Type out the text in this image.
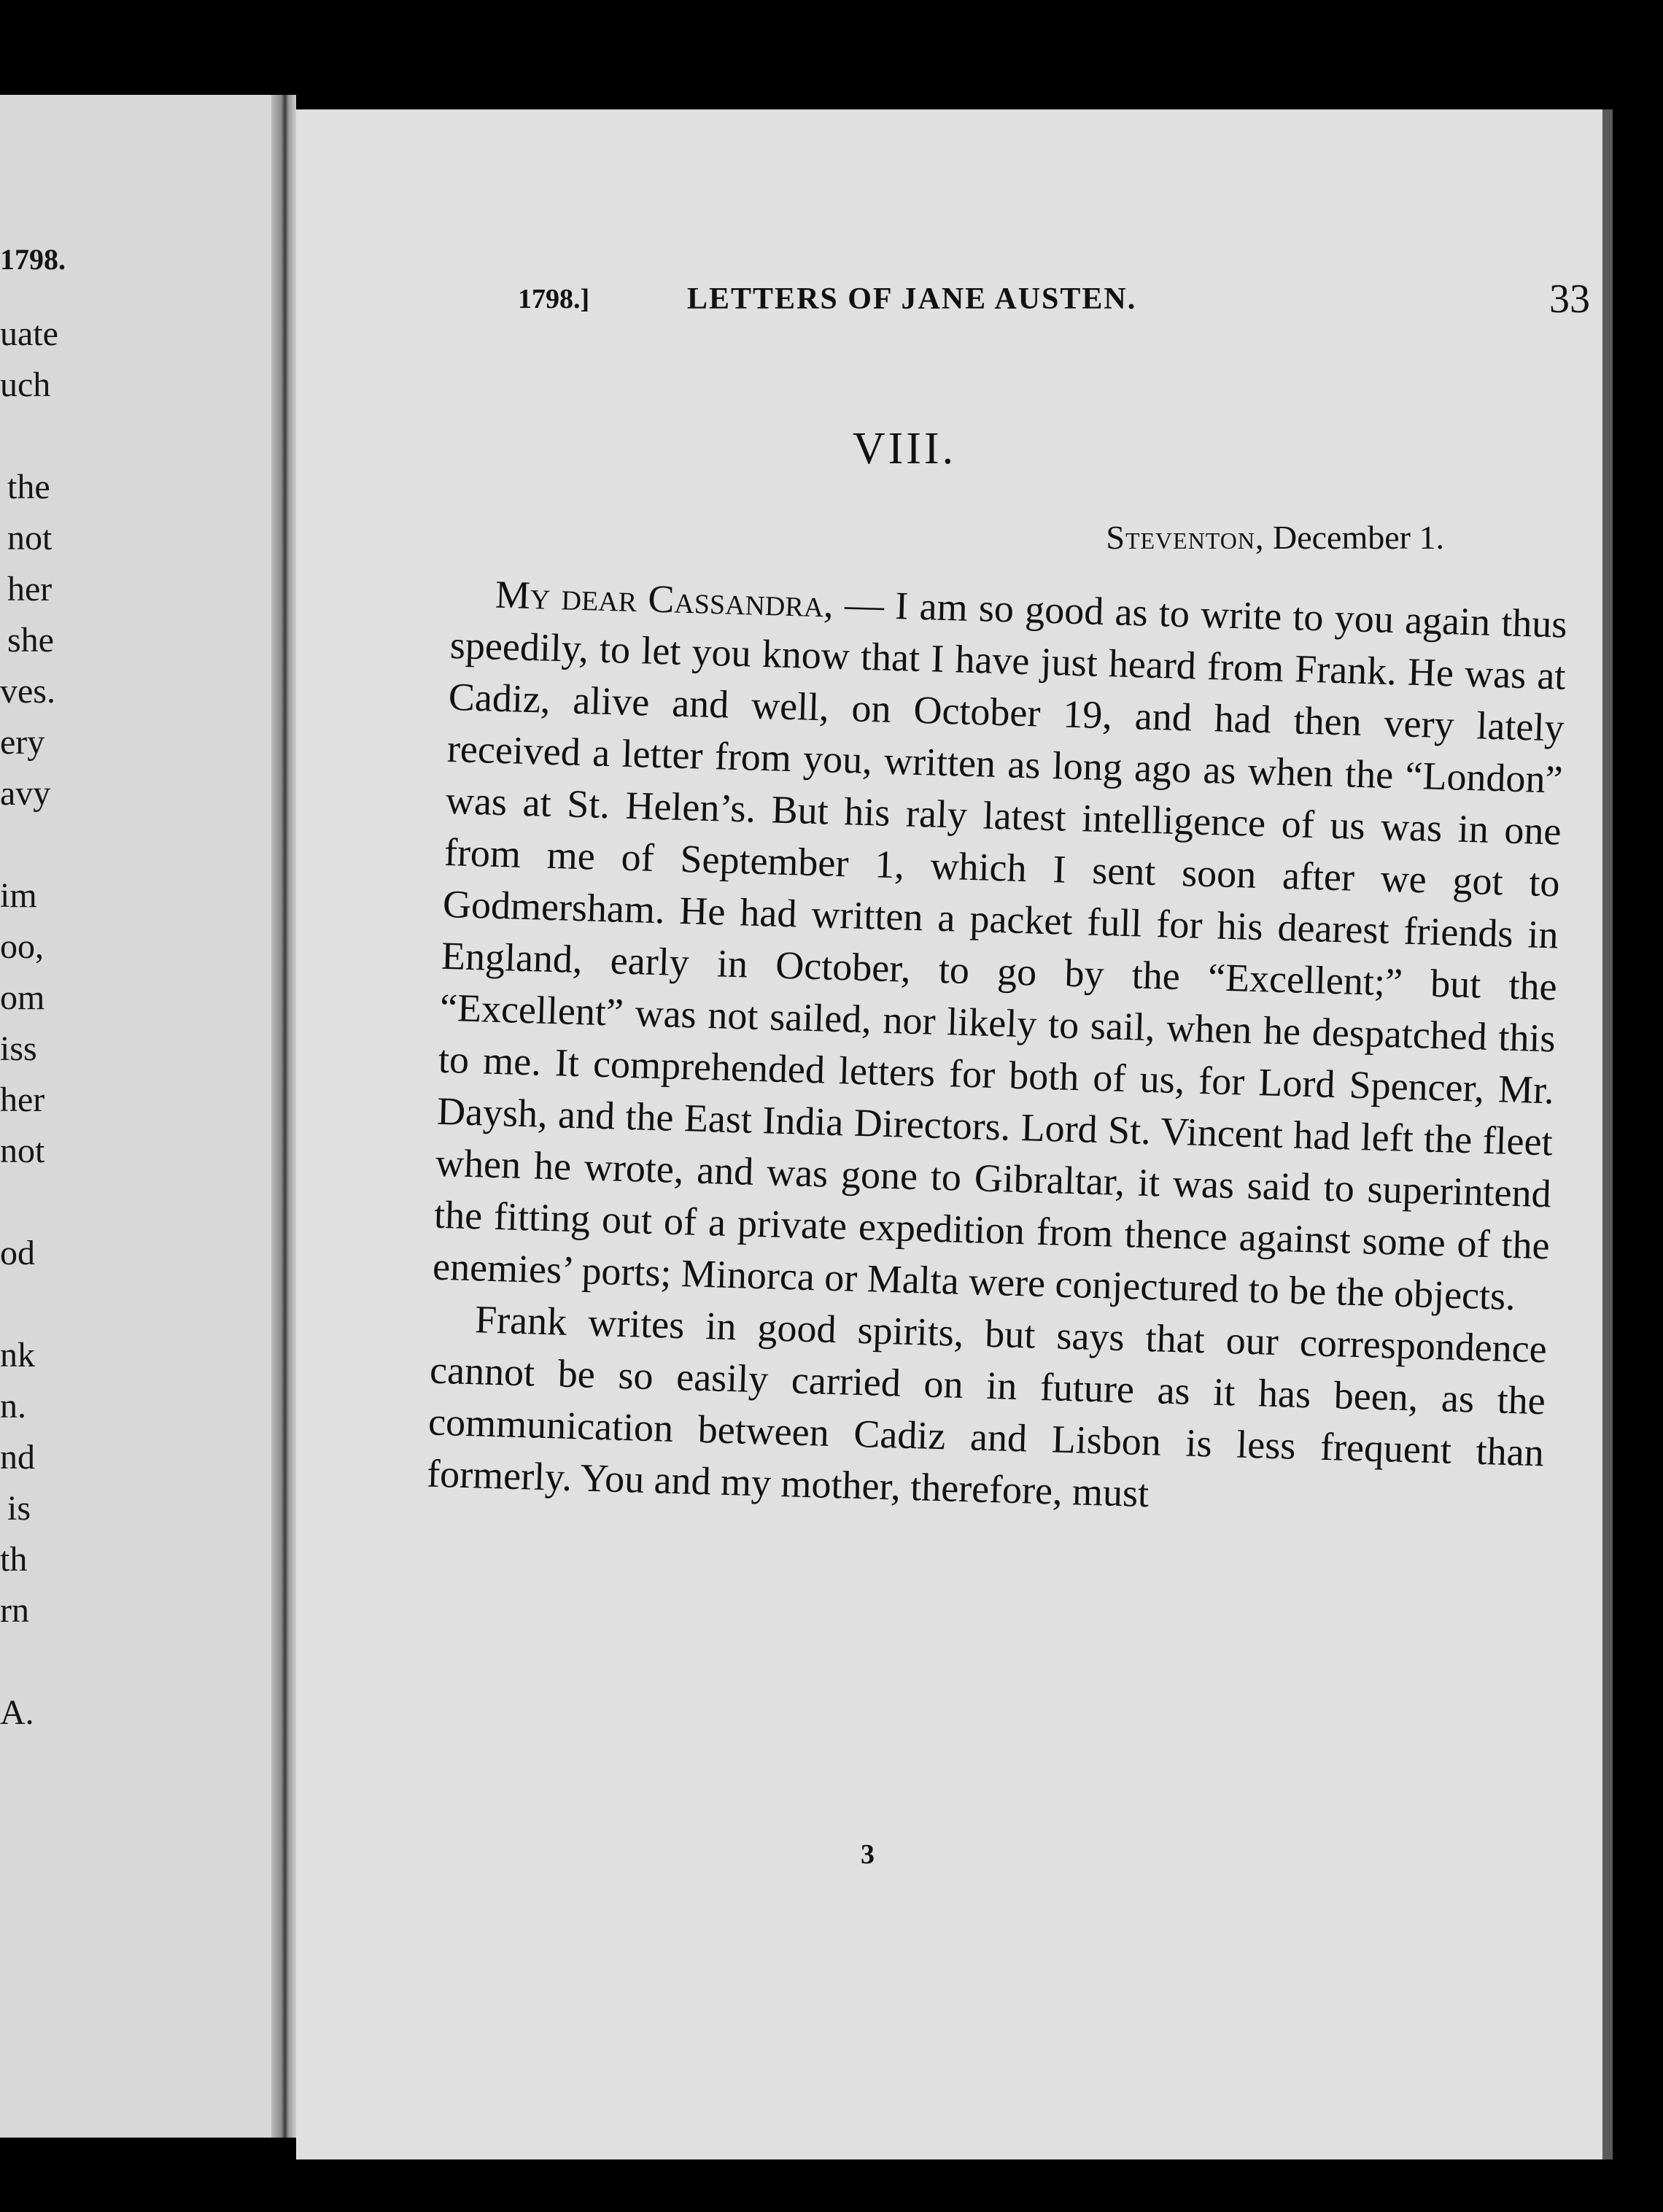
1798.
uate
uch
the
not
her
she
ves.
ery
avy
im
oo,
om
iss
her
not
od
nk
n.
nd
is
th
rn
A.
1798.]	LETTERS OF JANE AUSTEN.	33
VIII.
Steventon, December 1.

My dear Cassandra, — I am so good as to write to you again thus speedily, to let you know that I have just heard from Frank. He was at Cadiz, alive and well, on October 19, and had then very lately received a letter from you, written as long ago as when the “London” was at St. Helen’s. But his raly latest intelligence of us was in one from me of September 1, which I sent soon after we got to Godmersham. He had written a packet full for his dearest friends in England, early in October, to go by the “Excellent;” but the “Excellent” was not sailed, nor likely to sail, when he despatched this to me. It comprehended letters for both of us, for Lord Spencer, Mr. Daysh, and the East India Directors. Lord St. Vincent had left the fleet when he wrote, and was gone to Gibraltar, it was said to superintend the fitting out of a private expedition from thence against some of the enemies’ ports; Minorca or Malta were conjectured to be the objects.

Frank writes in good spirits, but says that our correspondence cannot be so easily carried on in future as it has been, as the communication between Cadiz and Lisbon is less frequent than formerly. You and my mother, therefore, must

3
